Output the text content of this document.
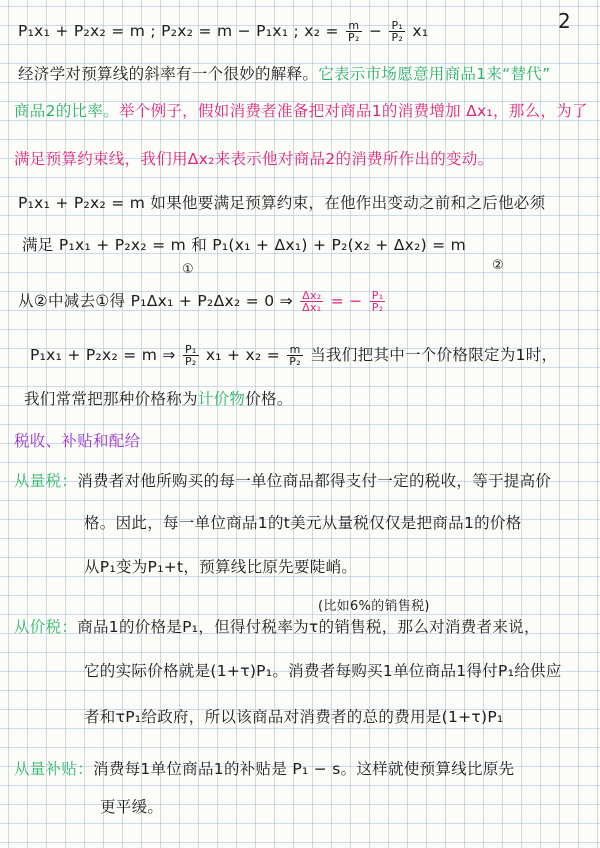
2
P₁x₁ + P₂x₂ = m ; P₂x₂ = m − P₁x₁ ; $x_2 = \frac{m}{\text{P₂}} - \frac{\text{P₁}}{\text{P₂}} x_1$
经济学对预算线的斜率有一个很妙的解释。它表示市场愿意用商品1来“替代”
商品2的比率。举个例子，假如消费者准备把对商品1的消费增加 Δx₁，那么，为了
满足预算约束线，我们用Δx₂来表示他对商品2的消费所作出的变动。
P₁x₁ + P₂x₂ = m 如果他要满足预算约束，在他作出变动之前和之后他必须
满足 P₁x₁ + P₂x₂ = m 和 P₁(x₁ + Δx₁) + P₂(x₂ + Δx₂) = m
①	②
从②中减去①得 P₁Δx₁ + P₂Δx₂ = 0 ⇒ $\frac{\text{Δx₂}}{\text{Δx₁}}$ = − $\frac{\text{P₁}}{\text{P₂}}$
P₁x₁ + P₂x₂ = m ⇒ $\frac{\text{P₁}}{\text{P₂}} x_1 + x_2 = \frac{m}{\text{P₂}}$ 当我们把其中一个价格限定为1时，
我们常常把那种价格称为计价物价格。
税收、补贴和配给
从量税：消费者对他所购买的每一单位商品都得支付一定的税收，等于提高价
格。因此，每一单位商品1的t美元从量税仅仅是把商品1的价格
从P₁变为P₁+t，预算线比原先要陡峭。
(比如6%的销售税)
从价税：商品1的价格是P₁，但得付税率为τ的销售税，那么对消费者来说，
它的实际价格就是(1+τ)P₁。消费者每购买1单位商品1得付P₁给供应
者和τP₁给政府，所以该商品对消费者的总的费用是(1+τ)P₁
从量补贴：消费每1单位商品1的补贴是 P₁ − s。这样就使预算线比原先
更平缓。
